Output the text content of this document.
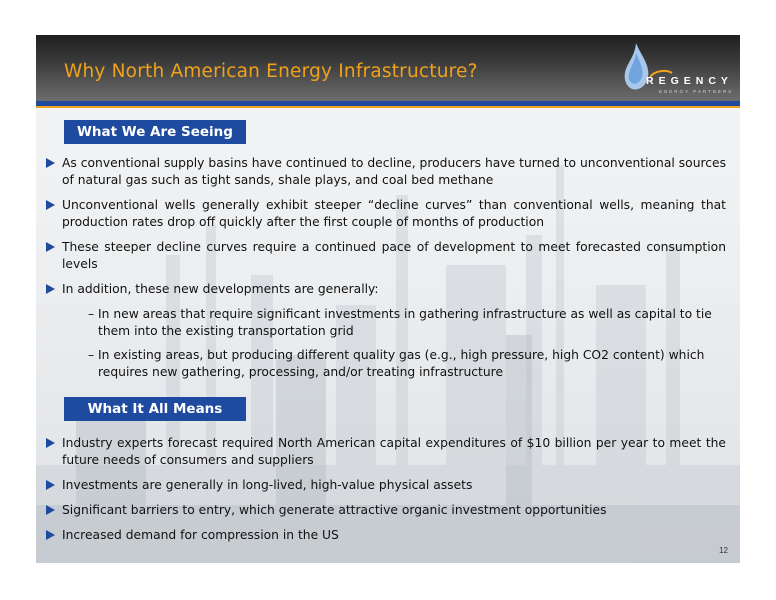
Why North American Energy Infrastructure?	REGENCY
ENERGY PARTNERS
What We Are Seeing
As conventional supply basins have continued to decline, producers have turned to unconventional sources of natural gas such as tight sands, shale plays, and coal bed methane
Unconventional wells generally exhibit steeper “decline curves” than conventional wells, meaning that production rates drop off quickly after the first couple of months of production
These steeper decline curves require a continued pace of development to meet forecasted consumption levels
In addition, these new developments are generally:
– In new areas that require significant investments in gathering infrastructure as well as capital to tie them into the existing transportation grid
– In existing areas, but producing different quality gas (e.g., high pressure, high CO2 content) which requires new gathering, processing, and/or treating infrastructure
What It All Means
Industry experts forecast required North American capital expenditures of $10 billion per year to meet the future needs of consumers and suppliers
Investments are generally in long-lived, high-value physical assets
Significant barriers to entry, which generate attractive organic investment opportunities
Increased demand for compression in the US
12
